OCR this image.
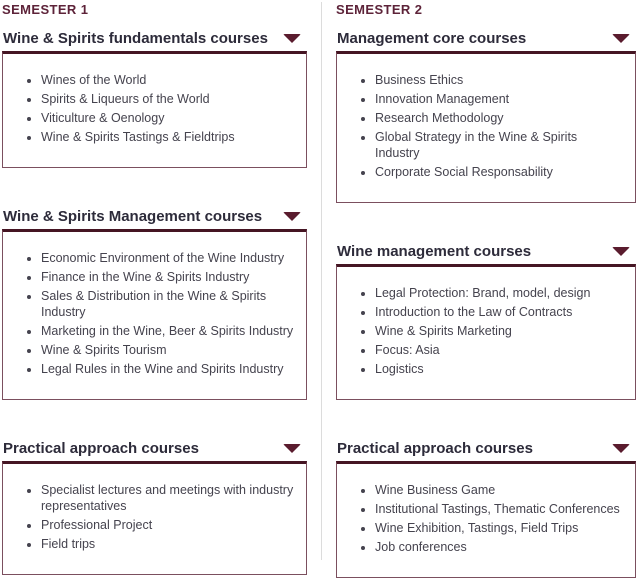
SEMESTER 1
Wine & Spirits fundamentals courses
• Wines of the World
• Spirits & Liqueurs of the World
• Viticulture & Oenology
• Wine & Spirits Tastings & Fieldtrips
Wine & Spirits Management courses
• Economic Environment of the Wine Industry
• Finance in the Wine & Spirits Industry
• Sales & Distribution in the Wine & Spirits Industry
• Marketing in the Wine, Beer & Spirits Industry
• Wine & Spirits Tourism
• Legal Rules in the Wine and Spirits Industry
Practical approach courses
• Specialist lectures and meetings with industry representatives
• Professional Project
• Field trips
SEMESTER 2
Management core courses
• Business Ethics
• Innovation Management
• Research Methodology
• Global Strategy in the Wine & Spirits Industry
• Corporate Social Responsability
Wine management courses
• Legal Protection: Brand, model, design
• Introduction to the Law of Contracts
• Wine & Spirits Marketing
• Focus: Asia
• Logistics
Practical approach courses
• Wine Business Game
• Institutional Tastings, Thematic Conferences
• Wine Exhibition, Tastings, Field Trips
• Job conferences
